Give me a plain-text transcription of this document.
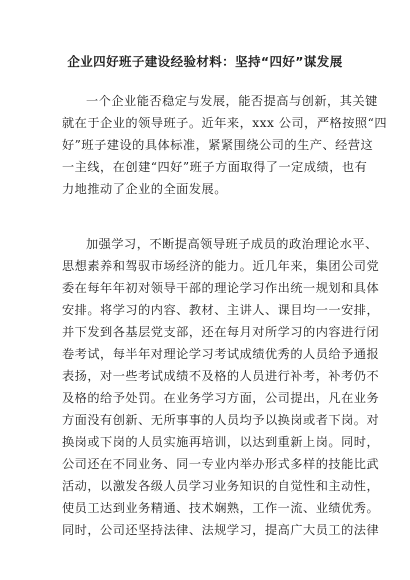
企业四好班子建设经验材料：坚持“四好”谋发展
一个企业能否稳定与发展，能否提高与创新，其关键
就在于企业的领导班子。近年来，xxx 公司，严格按照“四
好”班子建设的具体标准，紧紧围绕公司的生产、经营这
一主线，在创建“四好”班子方面取得了一定成绩，也有
力地推动了企业的全面发展。
加强学习，不断提高领导班子成员的政治理论水平、
思想素养和驾驭市场经济的能力。近几年来，集团公司党
委在每年年初对领导干部的理论学习作出统一规划和具体
安排。将学习的内容、教材、主讲人、课目均一一安排，
并下发到各基层党支部，还在每月对所学习的内容进行闭
卷考试，每半年对理论学习考试成绩优秀的人员给予通报
表扬，对一些考试成绩不及格的人员进行补考，补考仍不
及格的给予处罚。在业务学习方面，公司提出，凡在业务
方面没有创新、无所事事的人员均予以换岗或者下岗。对
换岗或下岗的人员实施再培训，以达到重新上岗。同时，
公司还在不同业务、同一专业内举办形式多样的技能比武
活动，以激发各级人员学习业务知识的自觉性和主动性，
使员工达到业务精通、技术娴熟，工作一流、业绩优秀。
同时，公司还坚持法律、法规学习，提高广大员工的法律
